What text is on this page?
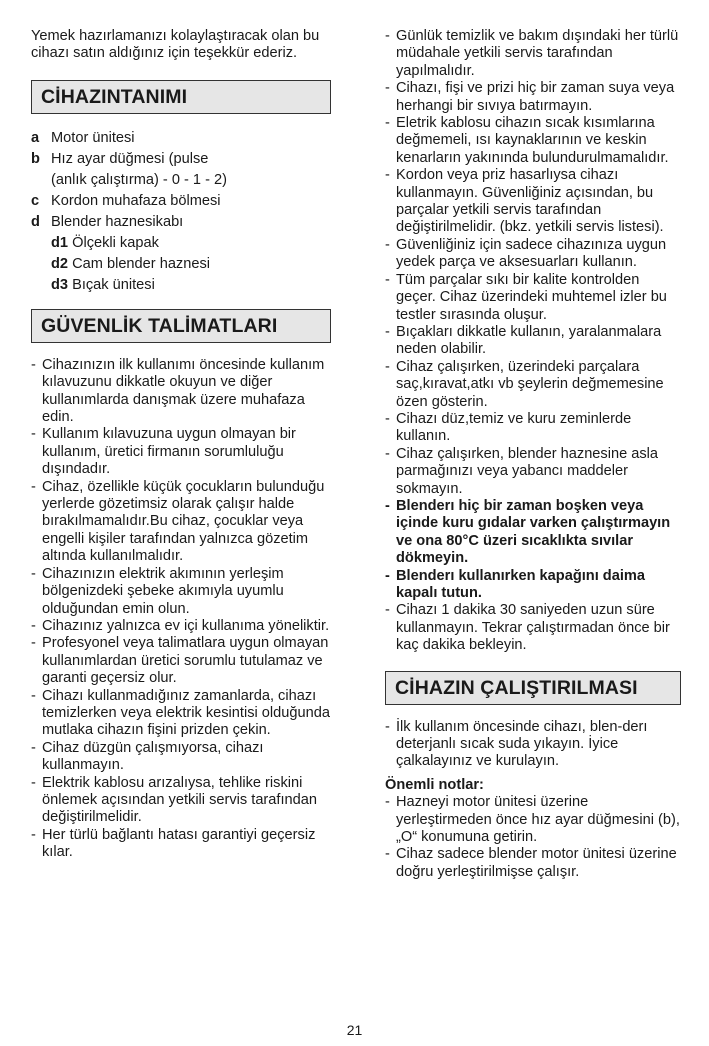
Yemek hazırlamanızı kolaylaştıracak olan bu cihazı satın aldığınız için teşekkür ederiz.

CİHAZINTANIMI
a Motor ünitesi
b Hız ayar düğmesi (pulse
(anlık çalıştırma) - 0 - 1 - 2)
c Kordon muhafaza bölmesi
d Blender haznesikabı
d1 Ölçekli kapak
d2 Cam blender haznesi
d3 Bıçak ünitesi
GÜVENLİK TALİMATLARI
- Cihazınızın ilk kullanımı öncesinde kullanım kılavuzunu dikkatle okuyun ve diğer kullanımlarda danışmak üzere muhafaza edin.
- Kullanım kılavuzuna uygun olmayan bir kullanım, üretici firmanın sorumluluğu dışındadır.
- Cihaz, özellikle küçük çocukların bulunduğu yerlerde gözetimsiz olarak çalışır halde bırakılmamalıdır.Bu cihaz, çocuklar veya engelli kişiler tarafından yalnızca gözetim altında kullanılmalıdır.
- Cihazınızın elektrik akımının yerleşim bölgenizdeki şebeke akımıyla uyumlu olduğundan emin olun.
- Cihazınız yalnızca ev içi kullanıma yöneliktir.
- Profesyonel veya talimatlara uygun olmayan kullanımlardan üretici sorumlu tutulamaz ve garanti geçersiz olur.
- Cihazı kullanmadığınız zamanlarda, cihazı temizlerken veya elektrik kesintisi olduğunda mutlaka cihazın fişini prizden çekin.
- Cihaz düzgün çalışmıyorsa, cihazı kullanmayın.
- Elektrik kablosu arızalıysa, tehlike riskini önlemek açısından yetkili servis tarafından değiştirilmelidir.
- Her türlü bağlantı hatası garantiyi geçersiz kılar.
- Günlük temizlik ve bakım dışındaki her türlü müdahale yetkili servis tarafından yapılmalıdır.
- Cihazı, fişi ve prizi hiç bir zaman suya veya herhangi bir sıvıya batırmayın.
- Eletrik kablosu cihazın sıcak kısımlarına değmemeli, ısı kaynaklarının ve keskin kenarların yakınında bulundurulmamalıdır.
- Kordon veya priz hasarlıysa cihazı kullanmayın. Güvenliğiniz açısından, bu parçalar yetkili servis tarafından değiştirilmelidir. (bkz. yetkili servis listesi).
- Güvenliğiniz için sadece cihazınıza uygun yedek parça ve aksesuarları kullanın.
- Tüm parçalar sıkı bir kalite kontrolden geçer. Cihaz üzerindeki muhtemel izler bu testler sırasında oluşur.
- Bıçakları dikkatle kullanın, yaralanmalara neden olabilir.
- Cihaz çalışırken, üzerindeki parçalara saç,kıravat,atkı vb şeylerin değmemesine özen gösterin.
- Cihazı düz,temiz ve kuru zeminlerde kullanın.
- Cihaz çalışırken, blender haznesine asla parmağınızı veya yabancı maddeler sokmayın.
- Blenderı hiç bir zaman boşken veya içinde kuru gıdalar varken çalıştırmayın ve ona 80°C üzeri sıcaklıkta sıvılar dökmeyin.
- Blenderı kullanırken kapağını daima kapalı tutun.
- Cihazı 1 dakika 30 saniyeden uzun süre kullanmayın. Tekrar çalıştırmadan önce bir kaç dakika bekleyin.
CİHAZIN ÇALIŞTIRILMASI
- İlk kullanım öncesinde cihazı, blen-derı deterjanlı sıcak suda yıkayın. İyice çalkalayınız ve kurulayın.
Önemli notlar:
- Hazneyi motor ünitesi üzerine yerleştirmeden önce hız ayar düğmesini (b), „O“ konumuna getirin.
- Cihaz sadece blender motor ünitesi üzerine doğru yerleştirilmişse çalışır.
21
